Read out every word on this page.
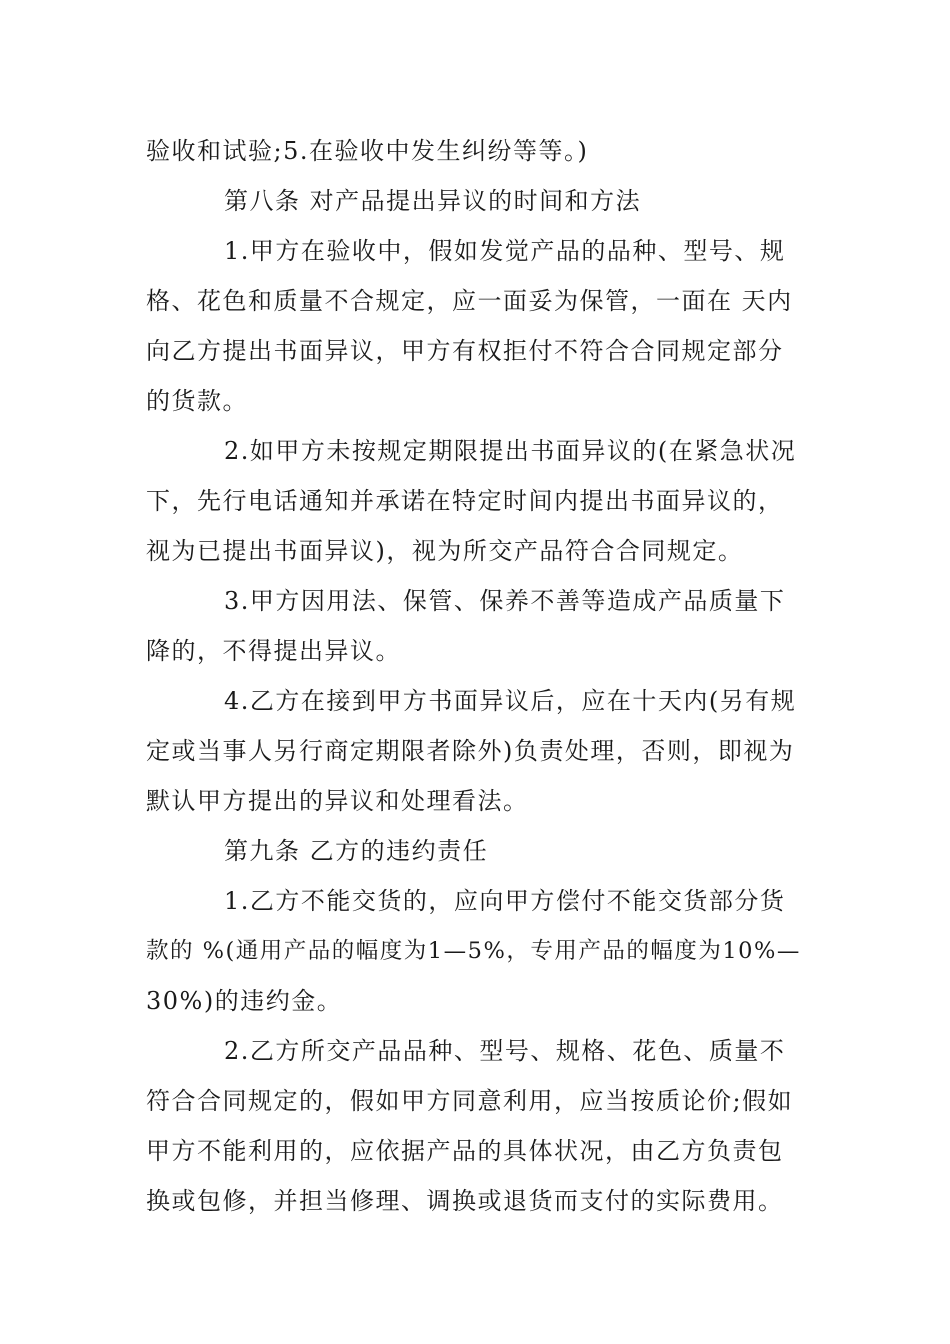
验收和试验;5.在验收中发生纠纷等等。)
第八条 对产品提出异议的时间和方法
1.甲方在验收中，假如发觉产品的品种、型号、规
格、花色和质量不合规定，应一面妥为保管，一面在 天内
向乙方提出书面异议，甲方有权拒付不符合合同规定部分
的货款。
2.如甲方未按规定期限提出书面异议的(在紧急状况
下，先行电话通知并承诺在特定时间内提出书面异议的，
视为已提出书面异议)，视为所交产品符合合同规定。
3.甲方因用法、保管、保养不善等造成产品质量下
降的，不得提出异议。
4.乙方在接到甲方书面异议后，应在十天内(另有规
定或当事人另行商定期限者除外)负责处理，否则，即视为
默认甲方提出的异议和处理看法。
第九条 乙方的违约责任
1.乙方不能交货的，应向甲方偿付不能交货部分货
款的 %(通用产品的幅度为1—5%，专用产品的幅度为10%—
30%)的违约金。
2.乙方所交产品品种、型号、规格、花色、质量不
符合合同规定的，假如甲方同意利用，应当按质论价;假如
甲方不能利用的，应依据产品的具体状况，由乙方负责包
换或包修，并担当修理、调换或退货而支付的实际费用。
